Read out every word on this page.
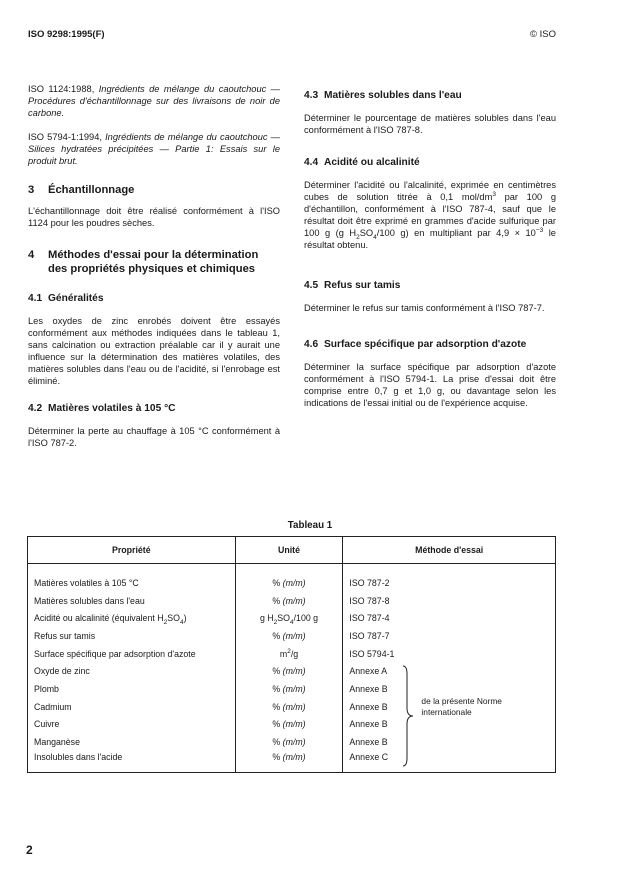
ISO 9298:1995(F)	© ISO

ISO 1124:1988, Ingrédients de mélange du caoutchouc — Procédures d'échantillonnage sur des livraisons de noir de carbone.

ISO 5794-1:1994, Ingrédients de mélange du caoutchouc — Silices hydratées précipitées — Partie 1: Essais sur le produit brut.

3 Échantillonnage

L'échantillonnage doit être réalisé conformément à l'ISO 1124 pour les poudres sèches.

4 Méthodes d'essai pour la détermination des propriétés physiques et chimiques
4.1 Généralités

Les oxydes de zinc enrobés doivent être essayés conformément aux méthodes indiquées dans le tableau 1, sans calcination ou extraction préalable car il y aurait une influence sur la détermination des matières volatiles, des matières solubles dans l'eau ou de l'acidité, si l'enrobage est éliminé.

4.2 Matières volatiles à 105 °C

Déterminer la perte au chauffage à 105 °C conformément à l'ISO 787-2.

4.3 Matières solubles dans l'eau

Déterminer le pourcentage de matières solubles dans l'eau conformément à l'ISO 787-8.

4.4 Acidité ou alcalinité

Déterminer l'acidité ou l'alcalinité, exprimée en centimètres cubes de solution titrée à 0,1 mol/$dm^3$ par 100 g d'échantillon, conformément à l'ISO 787-4, sauf que le résultat doit être exprimé en grammes d'acide sulfurique par 100 g (g $H_2SO_4/100$ g) en multipliant par $4,9 \times 10^{-3}$ le résultat obtenu.

4.5 Refus sur tamis

Déterminer le refus sur tamis conformément à l'ISO 787-7.

4.6 Surface spécifique par adsorption d'azote

Déterminer la surface spécifique par adsorption d'azote conformément à l'ISO 5794-1. La prise d'essai doit être comprise entre 0,7 g et 1,0 g, ou davantage selon les indications de l'essai initial ou de l'expérience acquise.

Tableau 1
Propriété	Unité	Méthode d'essai

Matières volatiles à 105 °C	% (m/m)	ISO 787-2
Matières solubles dans l'eau	% (m/m)	ISO 787-8
Acidité ou alcalinité (équivalent $H_2SO_4$)	g $H_2SO_4/100$ g	ISO 787-4
Refus sur tamis	% (m/m)	ISO 787-7
Surface spécifique par adsorption d'azote	$m^2/g$	ISO 5794-1
Oxyde de zinc	% (m/m)	Annexe A

Plomb	% (m/m)	Annexe B
Cadmium	% (m/m)	Annexe B
de la présente Norme internationale

Cuivre	% (m/m)	Annexe B
Manganèse	% (m/m)	Annexe B
Insolubles dans l'acide	% (m/m)	Annexe C
2
